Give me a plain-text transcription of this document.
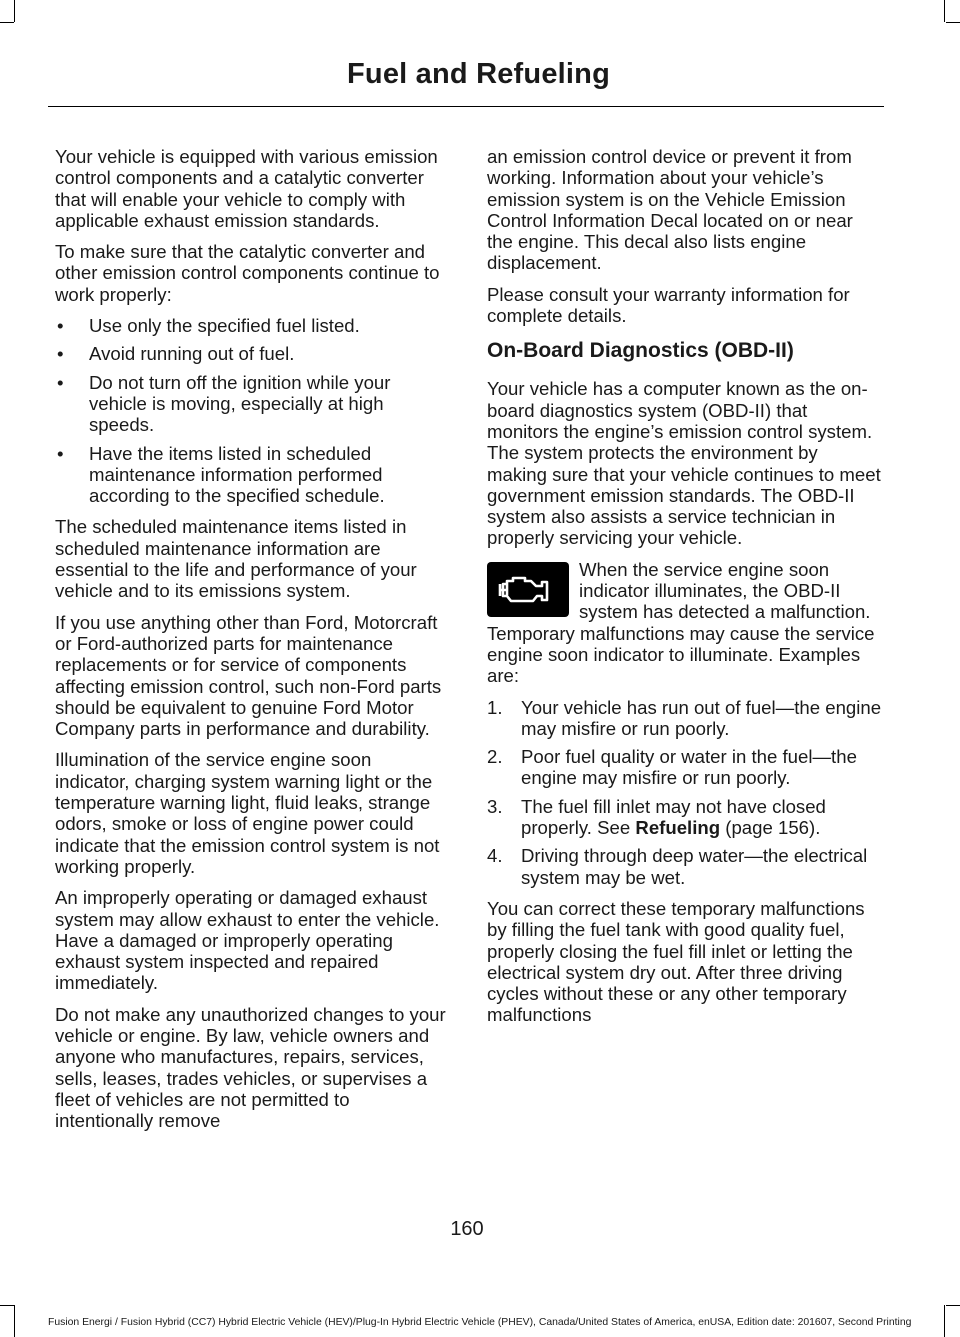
Fuel and Refueling

Your vehicle is equipped with various emission control components and a catalytic converter that will enable your vehicle to comply with applicable exhaust emission standards.

To make sure that the catalytic converter and other emission control components continue to work properly:

• Use only the specified fuel listed.
• Avoid running out of fuel.
• Do not turn off the ignition while your vehicle is moving, especially at high speeds.
• Have the items listed in scheduled maintenance information performed according to the specified schedule.

The scheduled maintenance items listed in scheduled maintenance information are essential to the life and performance of your vehicle and to its emissions system.

If you use anything other than Ford, Motorcraft or Ford-authorized parts for maintenance replacements or for service of components affecting emission control, such non-Ford parts should be equivalent to genuine Ford Motor Company parts in performance and durability.

Illumination of the service engine soon indicator, charging system warning light or the temperature warning light, fluid leaks, strange odors, smoke or loss of engine power could indicate that the emission control system is not working properly.

An improperly operating or damaged exhaust system may allow exhaust to enter the vehicle. Have a damaged or improperly operating exhaust system inspected and repaired immediately.

Do not make any unauthorized changes to your vehicle or engine. By law, vehicle owners and anyone who manufactures, repairs, services, sells, leases, trades vehicles, or supervises a fleet of vehicles are not permitted to intentionally remove

an emission control device or prevent it from working. Information about your vehicle’s emission system is on the Vehicle Emission Control Information Decal located on or near the engine. This decal also lists engine displacement.

Please consult your warranty information for complete details.

On-Board Diagnostics (OBD-II)

Your vehicle has a computer known as the on-board diagnostics system (OBD-II) that monitors the engine’s emission control system. The system protects the environment by making sure that your vehicle continues to meet government emission standards. The OBD-II system also assists a service technician in properly servicing your vehicle.

When the service engine soon indicator illuminates, the OBD-II system has detected a malfunction. Temporary malfunctions may cause the service engine soon indicator to illuminate. Examples are:

1. Your vehicle has run out of fuel—the engine may misfire or run poorly.
2. Poor fuel quality or water in the fuel—the engine may misfire or run poorly.
3. The fuel fill inlet may not have closed properly. See Refueling (page 156).
4. Driving through deep water—the electrical system may be wet.

You can correct these temporary malfunctions by filling the fuel tank with good quality fuel, properly closing the fuel fill inlet or letting the electrical system dry out. After three driving cycles without these or any other temporary malfunctions

160
Fusion Energi / Fusion Hybrid (CC7) Hybrid Electric Vehicle (HEV)/Plug-In Hybrid Electric Vehicle (PHEV), Canada/United States of America, enUSA, Edition date: 201607, Second Printing
